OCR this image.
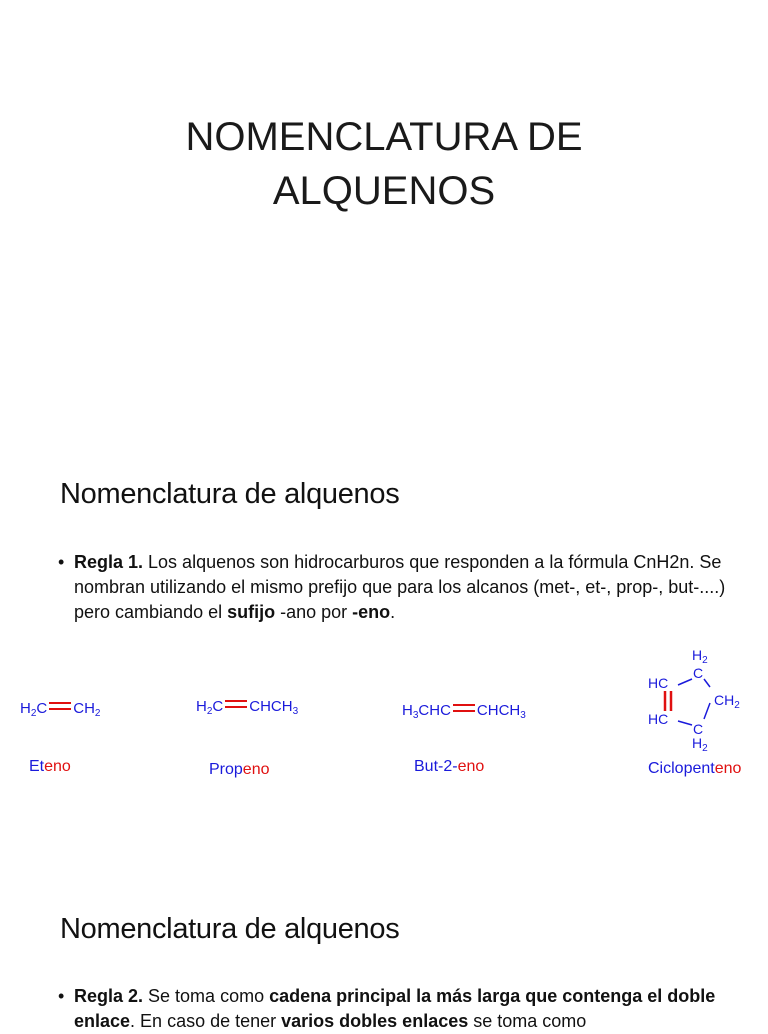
NOMENCLATURA DE
ALQUENOS
Nomenclatura de alquenos
• Regla 1. Los alquenos son hidrocarburos que responden a la fórmula CnH2n. Se nombran utilizando el mismo prefijo que para los alcanos (met-, et-, prop-, but-....) pero cambiando el sufijo -ano por -eno.
$H_2C$ $CH_2$
Eteno
$H_2C$ $CHCH_3$
Propeno
$H_3CHC$ $CHCH_3$
But-2-eno
$H_2$
C
HC
$CH_2$
HC
C
$H_2$
Ciclopenteno
Nomenclatura de alquenos
• Regla 2. Se toma como cadena principal la más larga que contenga el doble enlace. En caso de tener varios dobles enlaces se toma como
